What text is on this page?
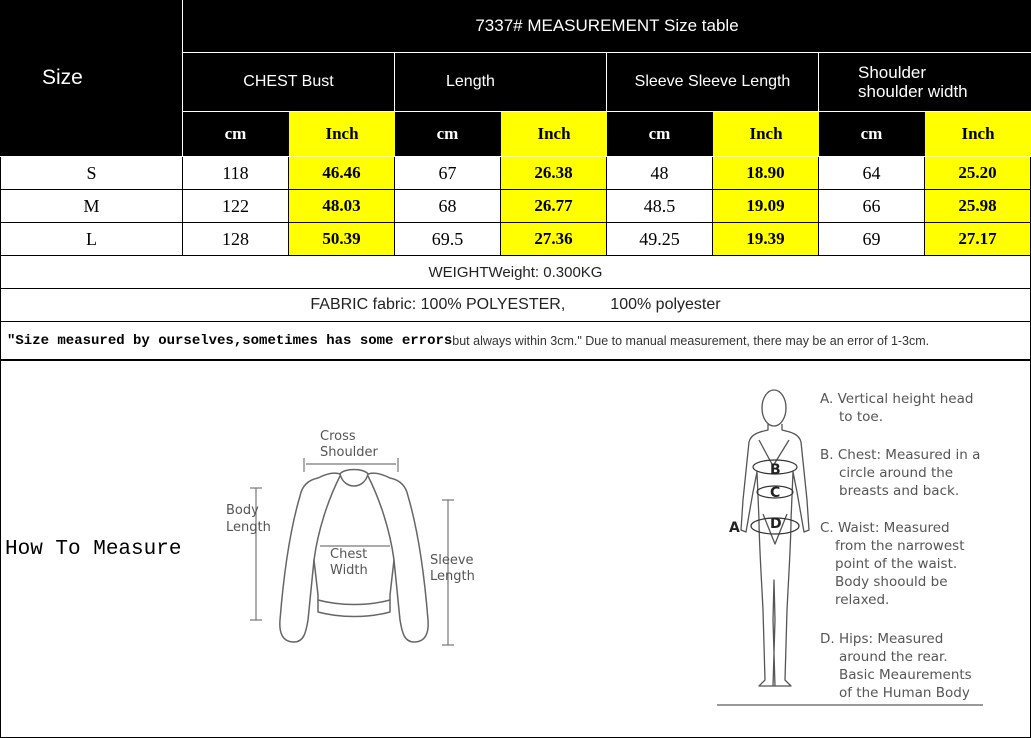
Size
7337# MEASUREMENT Size table
CHEST Bust	Length	Sleeve Sleeve Length	Shoulder
shoulder width
cm	Inch	cm	Inch	cm	Inch	cm	Inch
S	118	46.46	67	26.38	48	18.90	64	25.20
M	122	48.03	68	26.77	48.5	19.09	66	25.98
L	128	50.39	69.5	27.36	49.25	19.39	69	27.17
WEIGHTWeight: 0.300KG
FABRIC fabric: 100% POLYESTER,	100% polyester
"Size measured by ourselves,sometimes has some errors but always within 3cm." Due to manual measurement, there may be an error of 1-3cm.
How To Measure
Cross
Shoulder
Body
Length
Chest
Width
Sleeve
Length
A
B
C
D
A. Vertical height head
to toe.
B. Chest: Measured in a
circle around the
breasts and back.
C. Waist: Measured
from the narrowest
point of the waist.
Body shoould be
relaxed.
D. Hips: Measured
around the rear.
Basic Meaurements
of the Human Body
